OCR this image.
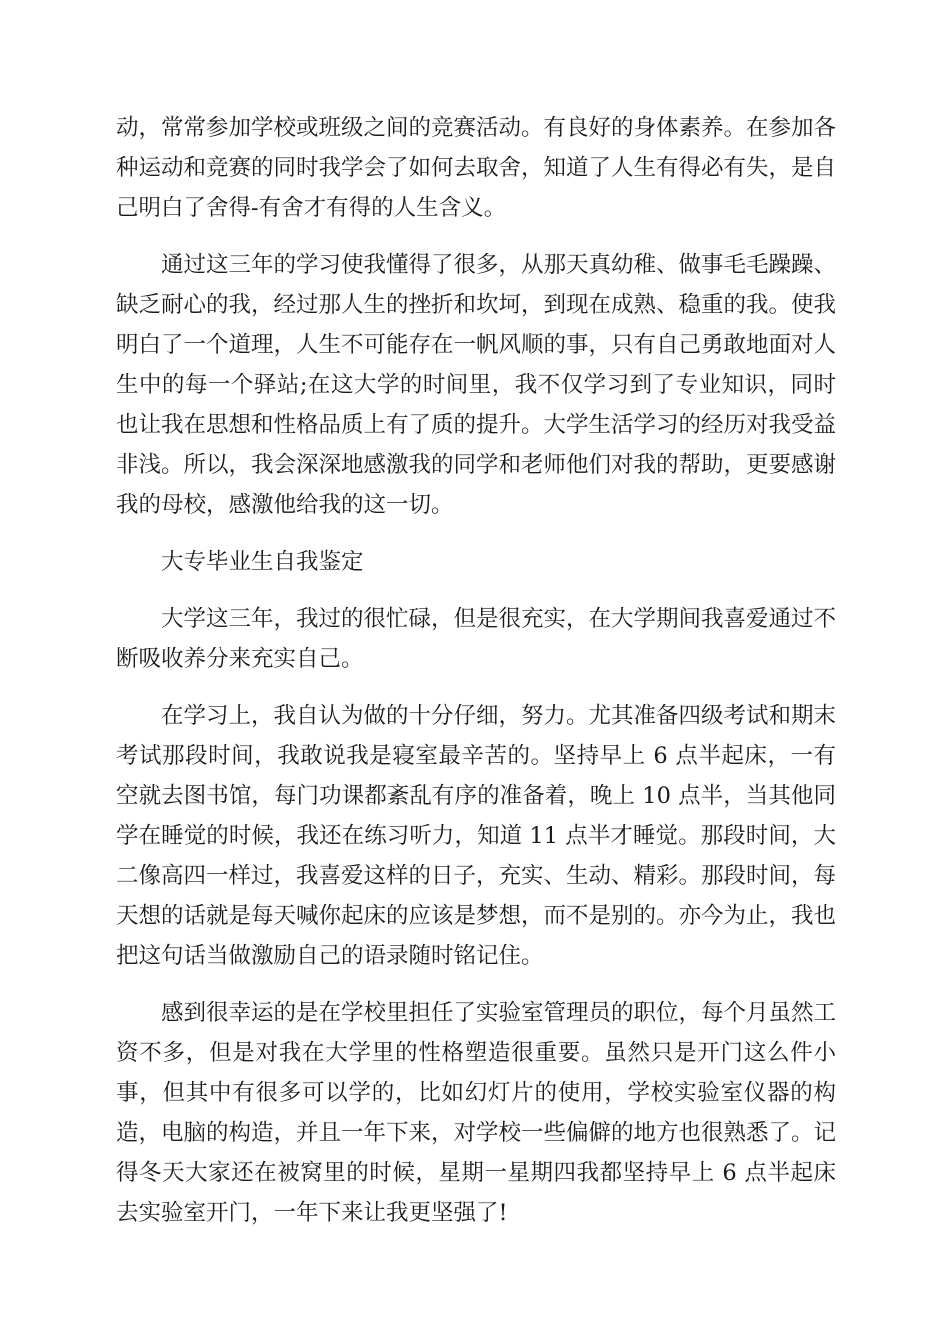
动，常常参加学校或班级之间的竞赛活动。有良好的身体素养。在参加各种运动和竞赛的同时我学会了如何去取舍，知道了人生有得必有失，是自己明白了舍得-有舍才有得的人生含义。

通过这三年的学习使我懂得了很多，从那天真幼稚、做事毛毛躁躁、缺乏耐心的我，经过那人生的挫折和坎坷，到现在成熟、稳重的我。使我明白了一个道理，人生不可能存在一帆风顺的事，只有自己勇敢地面对人生中的每一个驿站;在这大学的时间里，我不仅学习到了专业知识，同时也让我在思想和性格品质上有了质的提升。大学生活学习的经历对我受益非浅。所以，我会深深地感激我的同学和老师他们对我的帮助，更要感谢我的母校，感激他给我的这一切。

大专毕业生自我鉴定

大学这三年，我过的很忙碌，但是很充实，在大学期间我喜爱通过不断吸收养分来充实自己。

在学习上，我自认为做的十分仔细，努力。尤其准备四级考试和期末考试那段时间，我敢说我是寝室最辛苦的。坚持早上 6 点半起床，一有空就去图书馆，每门功课都紊乱有序的准备着，晚上 10 点半，当其他同学在睡觉的时候，我还在练习听力，知道 11 点半才睡觉。那段时间，大二像高四一样过，我喜爱这样的日子，充实、生动、精彩。那段时间，每天想的话就是每天喊你起床的应该是梦想，而不是别的。亦今为止，我也把这句话当做激励自己的语录随时铭记住。

感到很幸运的是在学校里担任了实验室管理员的职位，每个月虽然工资不多，但是对我在大学里的性格塑造很重要。虽然只是开门这么件小事，但其中有很多可以学的，比如幻灯片的使用，学校实验室仪器的构造，电脑的构造，并且一年下来，对学校一些偏僻的地方也很熟悉了。记得冬天大家还在被窝里的时候，星期一星期四我都坚持早上 6 点半起床去实验室开门，一年下来让我更坚强了!
